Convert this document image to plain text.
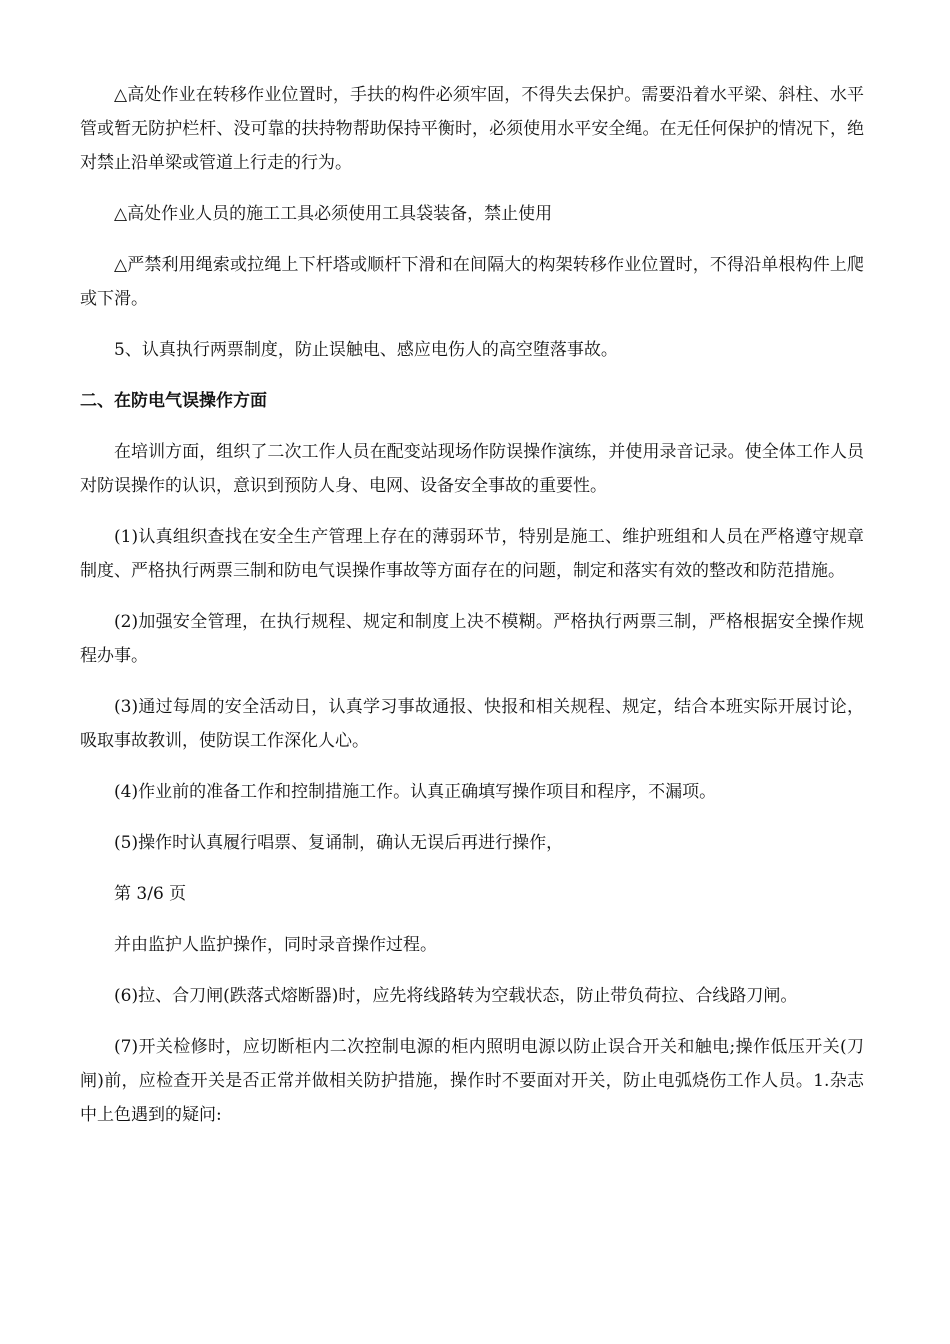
△高处作业在转移作业位置时，手扶的构件必须牢固，不得失去保护。需要沿着水平梁、斜柱、水平管或暂无防护栏杆、没可靠的扶持物帮助保持平衡时，必须使用水平安全绳。在无任何保护的情况下，绝对禁止沿单梁或管道上行走的行为。

△高处作业人员的施工工具必须使用工具袋装备，禁止使用

△严禁利用绳索或拉绳上下杆塔或顺杆下滑和在间隔大的构架转移作业位置时，不得沿单根构件上爬或下滑。

5、认真执行两票制度，防止误触电、感应电伤人的高空堕落事故。

二、在防电气误操作方面

在培训方面，组织了二次工作人员在配变站现场作防误操作演练，并使用录音记录。使全体工作人员对防误操作的认识，意识到预防人身、电网、设备安全事故的重要性。

(1)认真组织查找在安全生产管理上存在的薄弱环节，特别是施工、维护班组和人员在严格遵守规章制度、严格执行两票三制和防电气误操作事故等方面存在的问题，制定和落实有效的整改和防范措施。

(2)加强安全管理，在执行规程、规定和制度上决不模糊。严格执行两票三制，严格根据安全操作规程办事。

(3)通过每周的安全活动日，认真学习事故通报、快报和相关规程、规定，结合本班实际开展讨论，吸取事故教训，使防误工作深化人心。

(4)作业前的准备工作和控制措施工作。认真正确填写操作项目和程序，不漏项。

(5)操作时认真履行唱票、复诵制，确认无误后再进行操作，

第 3/6 页

并由监护人监护操作，同时录音操作过程。

(6)拉、合刀闸(跌落式熔断器)时，应先将线路转为空载状态，防止带负荷拉、合线路刀闸。

(7)开关检修时，应切断柜内二次控制电源的柜内照明电源以防止误合开关和触电;操作低压开关(刀闸)前，应检查开关是否正常并做相关防护措施，操作时不要面对开关，防止电弧烧伤工作人员。1.杂志中上色遇到的疑问:
